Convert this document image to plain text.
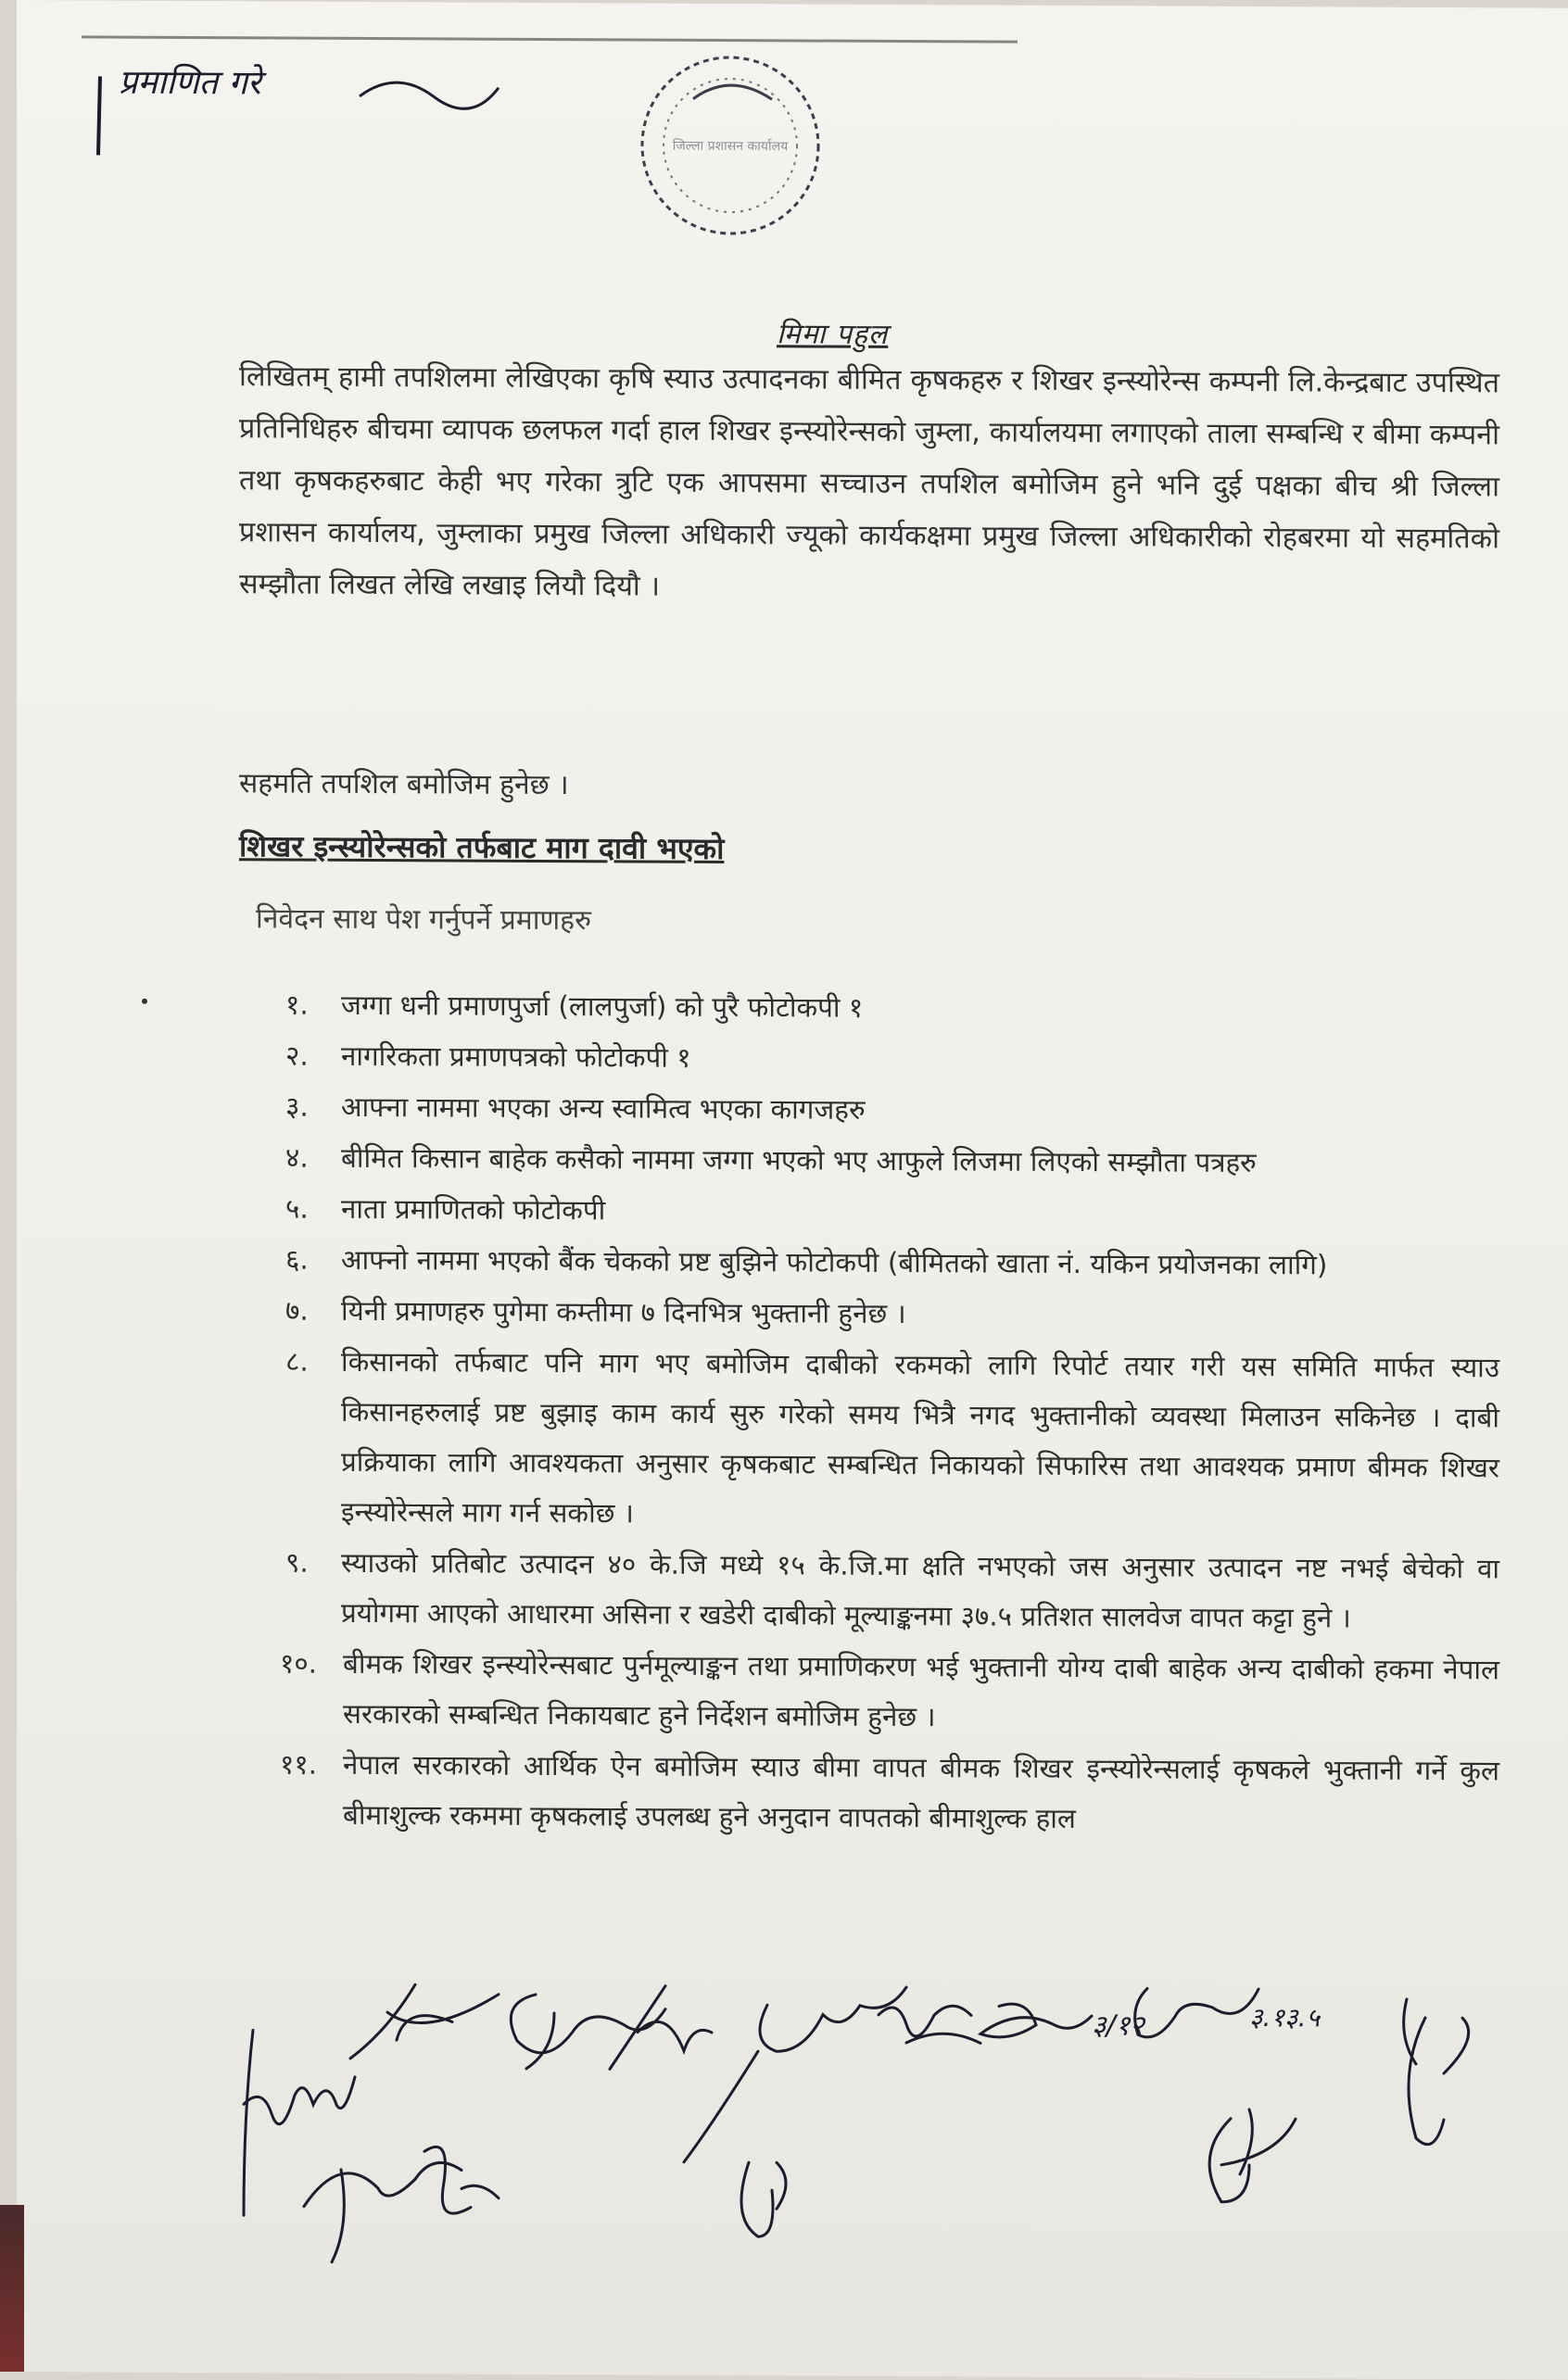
प्रमाणित गरे
जिल्ला प्रशासन कार्यालय
मिमा पहुल
लिखितम् हामी तपशिलमा लेखिएका कृषि स्याउ उत्पादनका बीमित कृषकहरु र शिखर इन्स्योरेन्स कम्पनी लि.केन्द्रबाट उपस्थित प्रतिनिधिहरु बीचमा व्यापक छलफल गर्दा हाल शिखर इन्स्योरेन्सको जुम्ला, कार्यालयमा लगाएको ताला सम्बन्धि र बीमा कम्पनी तथा कृषकहरुबाट केही भए गरेका त्रुटि एक आपसमा सच्चाउन तपशिल बमोजिम हुने भनि दुई पक्षका बीच श्री जिल्ला प्रशासन कार्यालय, जुम्लाका प्रमुख जिल्ला अधिकारी ज्यूको कार्यकक्षमा प्रमुख जिल्ला अधिकारीको रोहबरमा यो सहमतिको सम्झौता लिखत लेखि लखाइ लियौ दियौ ।
सहमति तपशिल बमोजिम हुनेछ ।
शिखर इन्स्योरेन्सको तर्फबाट माग दावी भएको
निवेदन साथ पेश गर्नुपर्ने प्रमाणहरु
१.	जग्गा धनी प्रमाणपुर्जा (लालपुर्जा) को पुरै फोटोकपी १
२.	नागरिकता प्रमाणपत्रको फोटोकपी १
३.	आफ्ना नाममा भएका अन्य स्वामित्व भएका कागजहरु
४.	बीमित किसान बाहेक कसैको नाममा जग्गा भएको भए आफुले लिजमा लिएको सम्झौता पत्रहरु
५.	नाता प्रमाणितको फोटोकपी
६.	आफ्नो नाममा भएको बैंक चेकको प्रष्ट बुझिने फोटोकपी (बीमितको खाता नं. यकिन प्रयोजनका लागि)
७.	यिनी प्रमाणहरु पुगेमा कम्तीमा ७ दिनभित्र भुक्तानी हुनेछ ।
८.	किसानको तर्फबाट पनि माग भए बमोजिम दाबीको रकमको लागि रिपोर्ट तयार गरी यस समिति मार्फत स्याउ किसानहरुलाई प्रष्ट बुझाइ काम कार्य सुरु गरेको समय भित्रै नगद भुक्तानीको व्यवस्था मिलाउन सकिनेछ । दाबी प्रक्रियाका लागि आवश्यकता अनुसार कृषकबाट सम्बन्धित निकायको सिफारिस तथा आवश्यक प्रमाण बीमक शिखर इन्स्योरेन्सले माग गर्न सकोछ ।
९.	स्याउको प्रतिबोट उत्पादन ४० के.जि मध्ये १५ के.जि.मा क्षति नभएको जस अनुसार उत्पादन नष्ट नभई बेचेको वा प्रयोगमा आएको आधारमा असिना र खडेरी दाबीको मूल्याङ्कनमा ३७.५ प्रतिशत सालवेज वापत कट्टा हुने ।
१०. बीमक शिखर इन्स्योरेन्सबाट पुर्नमूल्याङ्कन तथा प्रमाणिकरण भई भुक्तानी योग्य दाबी बाहेक अन्य दाबीको हकमा नेपाल सरकारको सम्बन्धित निकायबाट हुने निर्देशन बमोजिम हुनेछ ।
११. नेपाल सरकारको आर्थिक ऐन बमोजिम स्याउ बीमा वापत बीमक शिखर इन्स्योरेन्सलाई कृषकले भुक्तानी गर्ने कुल बीमाशुल्क रकममा कृषकलाई उपलब्ध हुने अनुदान वापतको बीमाशुल्क हाल
३/१२	३.१३.५
